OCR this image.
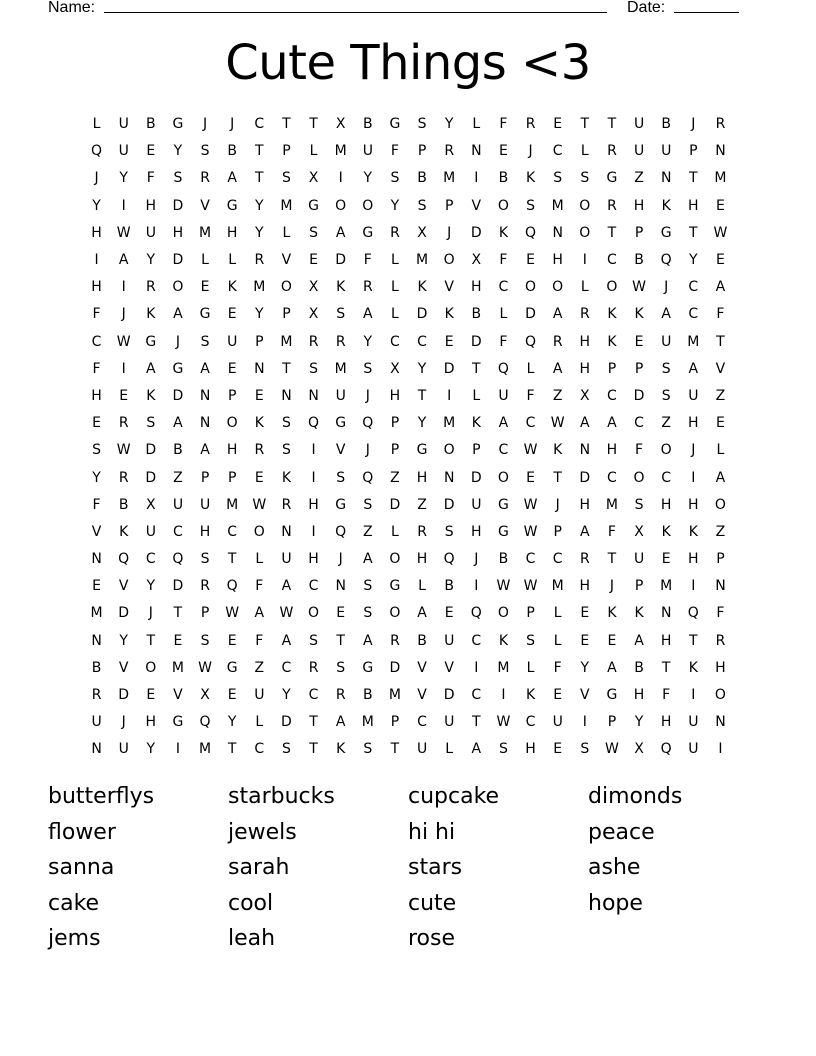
Name:	Date:
Cute Things <3
L	U	B	G	J	J	C	T	T	X	B	G	S	Y	L	F	R	E	T	T	U	B	J	R
Q	U	E	Y	S	B	T	P	L	M	U	F	P	R	N	E	J	C	L	R	U	U	P	N
J	Y	F	S	R	A	T	S	X	I	Y	S	B	M	I	B	K	S	S	G	Z	N	T	M
Y	I	H	D	V	G	Y	M	G	O	O	Y	S	P	V	O	S	M	O	R	H	K	H	E
H	W	U	H	M	H	Y	L	S	A	G	R	X	J	D	K	Q	N	O	T	P	G	T	W
I	A	Y	D	L	L	R	V	E	D	F	L	M	O	X	F	E	H	I	C	B	Q	Y	E
H	I	R	O	E	K	M	O	X	K	R	L	K	V	H	C	O	O	L	O	W	J	C	A
F	J	K	A	G	E	Y	P	X	S	A	L	D	K	B	L	D	A	R	K	K	A	C	F
C	W	G	J	S	U	P	M	R	R	Y	C	C	E	D	F	Q	R	H	K	E	U	M	T
F	I	A	G	A	E	N	T	S	M	S	X	Y	D	T	Q	L	A	H	P	P	S	A	V
H	E	K	D	N	P	E	N	N	U	J	H	T	I	L	U	F	Z	X	C	D	S	U	Z
E	R	S	A	N	O	K	S	Q	G	Q	P	Y	M	K	A	C	W	A	A	C	Z	H	E
S	W	D	B	A	H	R	S	I	V	J	P	G	O	P	C	W	K	N	H	F	O	J	L
Y	R	D	Z	P	P	E	K	I	S	Q	Z	H	N	D	O	E	T	D	C	O	C	I	A
F	B	X	U	U	M	W	R	H	G	S	D	Z	D	U	G	W	J	H	M	S	H	H	O
V	K	U	C	H	C	O	N	I	Q	Z	L	R	S	H	G	W	P	A	F	X	K	K	Z
N	Q	C	Q	S	T	L	U	H	J	A	O	H	Q	J	B	C	C	R	T	U	E	H	P
E	V	Y	D	R	Q	F	A	C	N	S	G	L	B	I	W W	M	H	J	P	M	I	N
M	D	J	T	P	W	A	W	O	E	S	O	A	E	Q	O	P	L	E	K	K	N	Q	F
N	Y	T	E	S	E	F	A	S	T	A	R	B	U	C	K	S	L	E	E	A	H	T	R
B	V	O	M	W	G	Z	C	R	S	G	D	V	V	I	M	L	F	Y	A	B	T	K	H
R	D	E	V	X	E	U	Y	C	R	B	M	V	D	C	I	K	E	V	G	H	F	I	O
U	J	H	G	Q	Y	L	D	T	A	M	P	C	U	T	W	C	U	I	P	Y	H	U	N
N	U	Y	I	M	T	C	S	T	K	S	T	U	L	A	S	H	E	S	W	X	Q	U	I
butterflys	starbucks	cupcake	dimonds
flower	jewels	hi hi	peace
sanna	sarah	stars	ashe
cake	cool	cute	hope
jems	leah	rose
